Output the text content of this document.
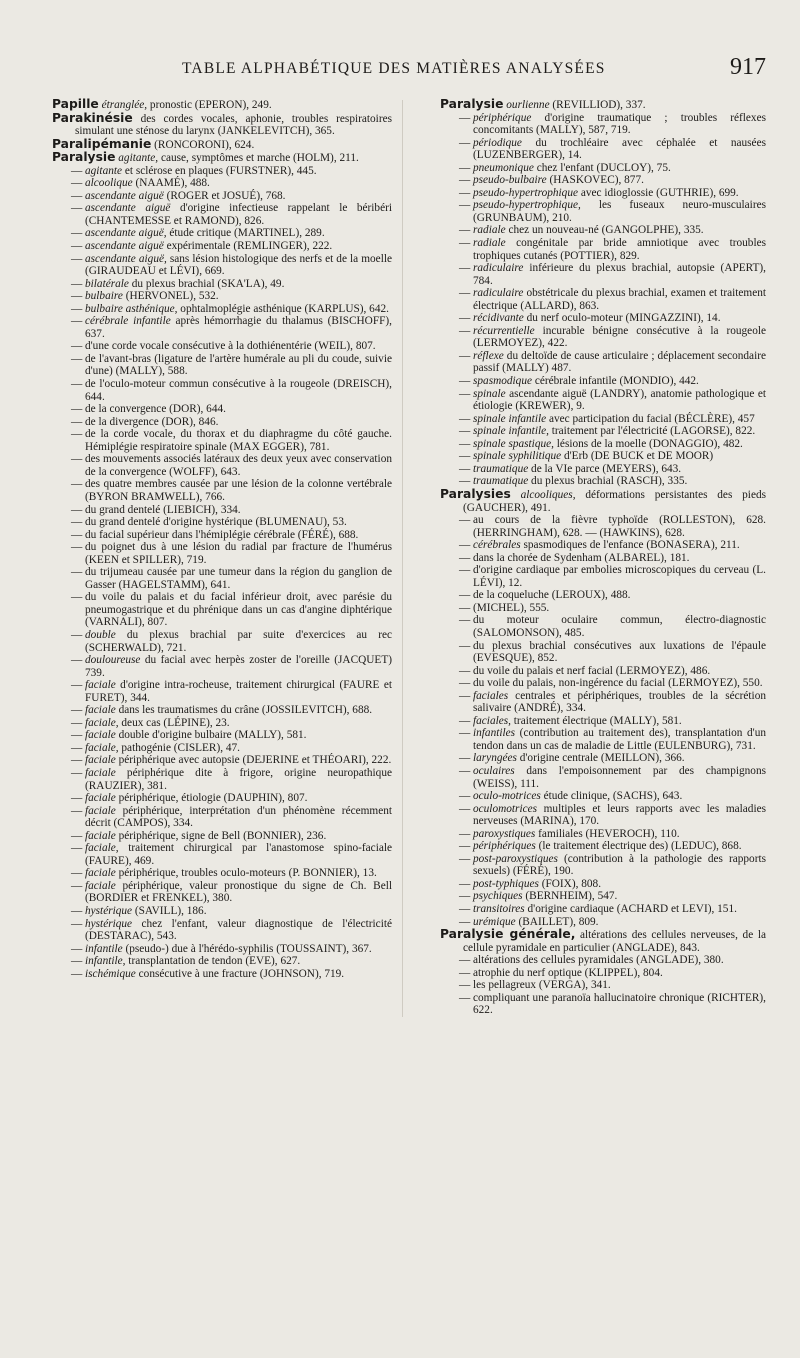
TABLE ALPHABÉTIQUE DES MATIÈRES ANALYSÉES	917
Papille étranglée, pronostic (EPERON), 249.
Parakinésie des cordes vocales, aphonie, troubles respiratoires simulant une sténose du larynx (JANKELEVITCH), 365.
Paralipémanie (RONCORONI), 624.
Paralysie agitante, cause, symptômes et marche (HOLM), 211.
— agitante et sclérose en plaques (FURSTNER), 445.
— alcoolique (NAAMÉ), 488.
— ascendante aiguë (ROGER et JOSUÉ), 768.
— ascendante aiguë d'origine infectieuse rappelant le béribéri (CHANTEMESSE et RAMOND), 826.
— ascendante aiguë, étude critique (MARTINEL), 289.
— ascendante aiguë expérimentale (REMLINGER), 222.
— ascendante aiguë, sans lésion histologique des nerfs et de la moelle (GIRAUDEAU et LÉVI), 669.
— bilatérale du plexus brachial (SKA'LA), 49.
— bulbaire (HERVONEL), 532.
— bulbaire asthénique, ophtalmoplégie asthénique (KARPLUS), 642.
— cérébrale infantile après hémorrhagie du thalamus (BISCHOFF), 637.
— d'une corde vocale consécutive à la dothiénentérie (WEIL), 807.
— de l'avant-bras (ligature de l'artère humérale au pli du coude, suivie d'une) (MALLY), 588.
— de l'oculo-moteur commun consécutive à la rougeole (DREISCH), 644.
— de la convergence (DOR), 644.
— de la divergence (DOR), 846.
— de la corde vocale, du thorax et du diaphragme du côté gauche. Hémiplégie respiratoire spinale (MAX EGGER), 781.
— des mouvements associés latéraux des deux yeux avec conservation de la convergence (WOLFF), 643.
— des quatre membres causée par une lésion de la colonne vertébrale (BYRON BRAMWELL), 766.
— du grand dentelé (LIEBICH), 334.
— du grand dentelé d'origine hystérique (BLUMENAU), 53.
— du facial supérieur dans l'hémiplégie cérébrale (FÉRÉ), 688.
— du poignet dus à une lésion du radial par fracture de l'humérus (KEEN et SPILLER), 719.
— du trijumeau causée par une tumeur dans la région du ganglion de Gasser (HAGELSTAMM), 641.
— du voile du palais et du facial inférieur droit, avec parésie du pneumogastrique et du phrénique dans un cas d'angine diphtérique (VARNALI), 807.
— double du plexus brachial par suite d'exercices au rec (SCHERWALD), 721.
— douloureuse du facial avec herpès zoster de l'oreille (JACQUET) 739.
— faciale d'origine intra-rocheuse, traitement chirurgical (FAURE et FURET), 344.
— faciale dans les traumatismes du crâne (JOSSILEVITCH), 688.
— faciale, deux cas (LÉPINE), 23.
— faciale double d'origine bulbaire (MALLY), 581.
— faciale, pathogénie (CISLER), 47.
— faciale périphérique avec autopsie (DEJERINE et THÉOARI), 222.
— faciale périphérique dite à frigore, origine neuropathique (RAUZIER), 381.
— faciale périphérique, étiologie (DAUPHIN), 807.
— faciale périphérique, interprétation d'un phénomène récemment décrit (CAMPOS), 334.
— faciale périphérique, signe de Bell (BONNIER), 236.
— faciale, traitement chirurgical par l'anastomose spino-faciale (FAURE), 469.
— faciale périphérique, troubles oculo-moteurs (P. BONNIER), 13.
— faciale périphérique, valeur pronostique du signe de Ch. Bell (BORDIER et FRENKEL), 380.
— hystérique (SAVILL), 186.
— hystérique chez l'enfant, valeur diagnostique de l'électricité (DESTARAC), 543.
— infantile (pseudo-) due à l'hérédo-syphilis (TOUSSAINT), 367.
— infantile, transplantation de tendon (EVE), 627.
— ischémique consécutive à une fracture (JOHNSON), 719.
Paralysie ourlienne (REVILLIOD), 337.
— périphérique d'origine traumatique ; troubles réflexes concomitants (MALLY), 587, 719.
— périodique du trochléaire avec céphalée et nausées (LUZENBERGER), 14.
— pneumonique chez l'enfant (DUCLOY), 75.
— pseudo-bulbaire (HASKOVEC), 877.
— pseudo-hypertrophique avec idioglossie (GUTHRIE), 699.
— pseudo-hypertrophique, les fuseaux neuro-musculaires (GRUNBAUM), 210.
— radiale chez un nouveau-né (GANGOLPHE), 335.
— radiale congénitale par bride amniotique avec troubles trophiques cutanés (POTTIER), 829.
— radiculaire inférieure du plexus brachial, autopsie (APERT), 784.
— radiculaire obstétricale du plexus brachial, examen et traitement électrique (ALLARD), 863.
— récidivante du nerf oculo-moteur (MINGAZZINI), 14.
— récurrentielle incurable bénigne consécutive à la rougeole (LERMOYEZ), 422.
— réflexe du deltoïde de cause articulaire ; déplacement secondaire passif (MALLY) 487.
— spasmodique cérébrale infantile (MONDIO), 442.
— spinale ascendante aiguë (LANDRY), anatomie pathologique et étiologie (KREWER), 9.
— spinale infantile avec participation du facial (BÉCLÈRE), 457
— spinale infantile, traitement par l'électricité (LAGORSE), 822.
— spinale spastique, lésions de la moelle (DONAGGIO), 482.
— spinale syphilitique d'Erb (DE BUCK et DE MOOR)
— traumatique de la VIe parce (MEYERS), 643.
— traumatique du plexus brachial (RASCH), 335.
Paralysies alcooliques, déformations persistantes des pieds (GAUCHER), 491.
— au cours de la fièvre typhoïde (ROLLESTON), 628. (HERRINGHAM), 628. — (HAWKINS), 628.
— cérébrales spasmodiques de l'enfance (BONASERA), 211.
— dans la chorée de Sydenham (ALBAREL), 181.
— d'origine cardiaque par embolies microscopiques du cerveau (L. LÉVI), 12.
— de la coqueluche (LEROUX), 488.
— (MICHEL), 555.
— du moteur oculaire commun, électro-diagnostic (SALOMONSON), 485.
— du plexus brachial consécutives aux luxations de l'épaule (EVESQUE), 852.
— du voile du palais et nerf facial (LERMOYEZ), 486.
— du voile du palais, non-ingérence du facial (LERMOYEZ), 550.
— faciales centrales et périphériques, troubles de la sécrétion salivaire (ANDRÉ), 334.
— faciales, traitement électrique (MALLY), 581.
— infantiles (contribution au traitement des), transplantation d'un tendon dans un cas de maladie de Little (EULENBURG), 731.
— laryngées d'origine centrale (MEILLON), 366.
— oculaires dans l'empoisonnement par des champignons (WEISS), 111.
— oculo-motrices étude clinique, (SACHS), 643.
— oculomotrices multiples et leurs rapports avec les maladies nerveuses (MARINA), 170.
— paroxystiques familiales (HEVEROCH), 110.
— périphériques (le traitement électrique des) (LEDUC), 868.
— post-paroxystiques (contribution à la pathologie des rapports sexuels) (FÉRÉ), 190.
— post-typhiques (FOIX), 808.
— psychiques (BERNHEIM), 547.
— transitoires d'origine cardiaque (ACHARD et LEVI), 151.
— urémique (BAILLET), 809.
Paralysie générale, altérations des cellules nerveuses, de la cellule pyramidale en particulier (ANGLADE), 843.
— altérations des cellules pyramidales (ANGLADE), 380.
— atrophie du nerf optique (KLIPPEL), 804.
— les pellagreux (VERGA), 341.
— compliquant une paranoïa hallucinatoire chronique (RICHTER), 622.
